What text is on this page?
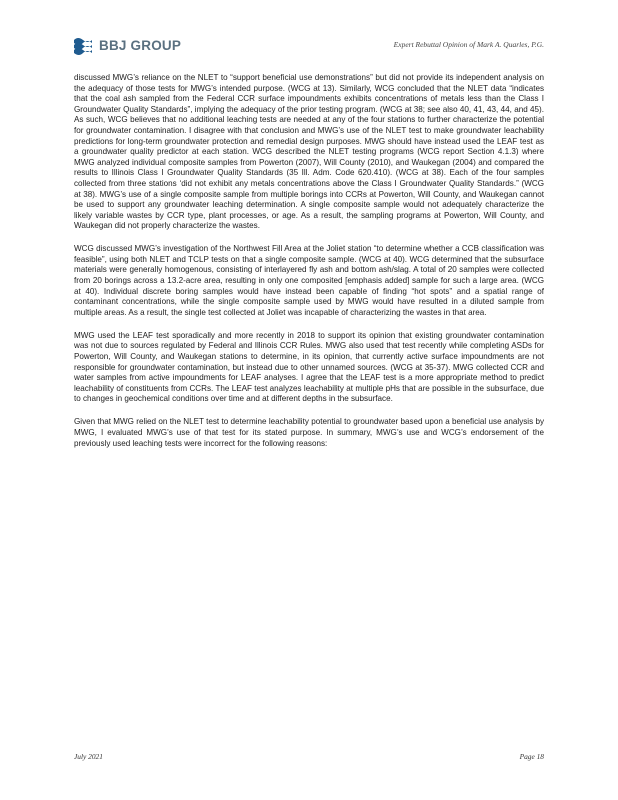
BBJ GROUP	Expert Rebuttal Opinion of Mark A. Quarles, P.G.

discussed MWG’s reliance on the NLET to “support beneficial use demonstrations” but did not provide its independent analysis on the adequacy of those tests for MWG’s intended purpose. (WCG at 13). Similarly, WCG concluded that the NLET data “indicates that the coal ash sampled from the Federal CCR surface impoundments exhibits concentrations of metals less than the Class I Groundwater Quality Standards”, implying the adequacy of the prior testing program. (WCG at 38; see also 40, 41, 43, 44, and 45). As such, WCG believes that no additional leaching tests are needed at any of the four stations to further characterize the potential for groundwater contamination. I disagree with that conclusion and MWG’s use of the NLET test to make groundwater leachability predictions for long-term groundwater protection and remedial design purposes. MWG should have instead used the LEAF test as a groundwater quality predictor at each station. WCG described the NLET testing programs (WCG report Section 4.1.3) where MWG analyzed individual composite samples from Powerton (2007), Will County (2010), and Waukegan (2004) and compared the results to Illinois Class I Groundwater Quality Standards (35 Ill. Adm. Code 620.410). (WCG at 38). Each of the four samples collected from three stations ‘did not exhibit any metals concentrations above the Class I Groundwater Quality Standards.” (WCG at 38). MWG’s use of a single composite sample from multiple borings into CCRs at Powerton, Will County, and Waukegan cannot be used to support any groundwater leaching determination. A single composite sample would not adequately characterize the likely variable wastes by CCR type, plant processes, or age. As a result, the sampling programs at Powerton, Will County, and Waukegan did not properly characterize the wastes.

WCG discussed MWG’s investigation of the Northwest Fill Area at the Joliet station “to determine whether a CCB classification was feasible”, using both NLET and TCLP tests on that a single composite sample. (WCG at 40). WCG determined that the subsurface materials were generally homogenous, consisting of interlayered fly ash and bottom ash/slag. A total of 20 samples were collected from 20 borings across a 13.2-acre area, resulting in only one composited [emphasis added] sample for such a large area. (WCG at 40). Individual discrete boring samples would have instead been capable of finding “hot spots” and a spatial range of contaminant concentrations, while the single composite sample used by MWG would have resulted in a diluted sample from multiple areas. As a result, the single test collected at Joliet was incapable of characterizing the wastes in that area.

MWG used the LEAF test sporadically and more recently in 2018 to support its opinion that existing groundwater contamination was not due to sources regulated by Federal and Illinois CCR Rules. MWG also used that test recently while completing ASDs for Powerton, Will County, and Waukegan stations to determine, in its opinion, that currently active surface impoundments are not responsible for groundwater contamination, but instead due to other unnamed sources. (WCG at 35-37). MWG collected CCR and water samples from active impoundments for LEAF analyses. I agree that the LEAF test is a more appropriate method to predict leachability of constituents from CCRs. The LEAF test analyzes leachability at multiple pHs that are possible in the subsurface, due to changes in geochemical conditions over time and at different depths in the subsurface.

Given that MWG relied on the NLET test to determine leachability potential to groundwater based upon a beneficial use analysis by MWG, I evaluated MWG’s use of that test for its stated purpose. In summary, MWG’s use and WCG’s endorsement of the previously used leaching tests were incorrect for the following reasons:

July 2021	Page 18
